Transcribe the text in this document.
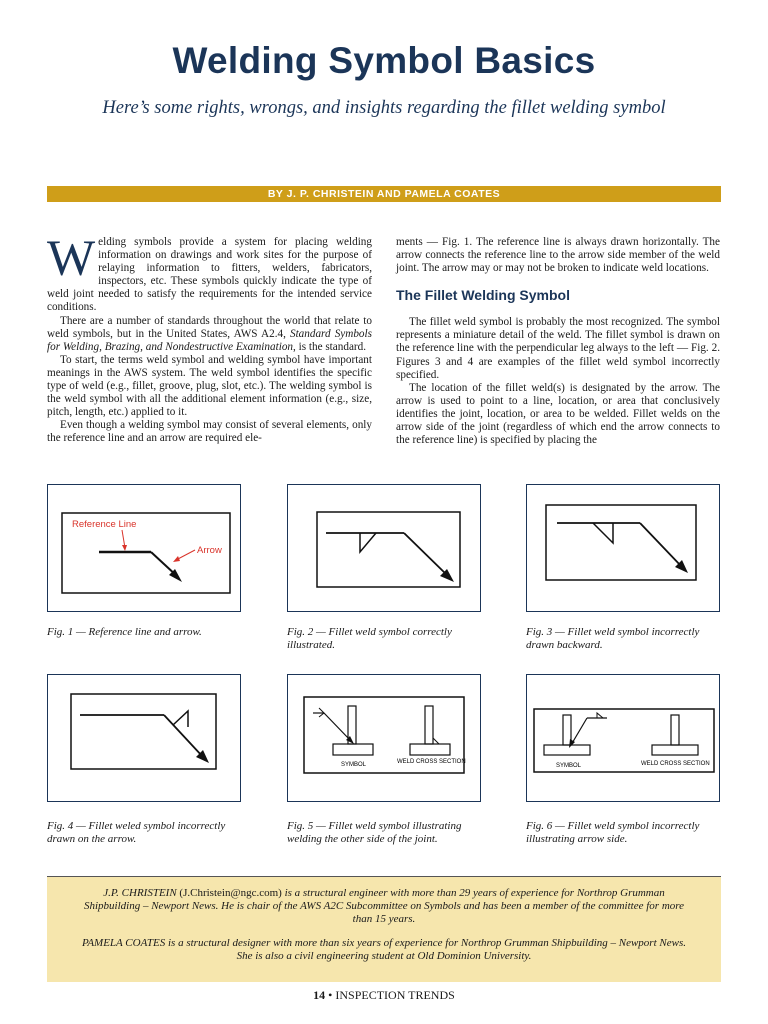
Welding Symbol Basics
Here’s some rights, wrongs, and insights regarding the fillet welding symbol
BY J. P. CHRISTEIN AND PAMELA COATES

Welding symbols provide a system for placing welding information on drawings and work sites for the purpose of relaying information to fitters, welders, fabricators, inspectors, etc. These symbols quickly indicate the type of weld joint needed to satisfy the requirements for the intended service conditions.

There are a number of standards throughout the world that relate to weld symbols, but in the United States, AWS A2.4, Standard Symbols for Welding, Brazing, and Nondestructive Examination, is the standard.

To start, the terms weld symbol and welding symbol have important meanings in the AWS system. The weld symbol identifies the specific type of weld (e.g., fillet, groove, plug, slot, etc.). The welding symbol is the weld symbol with all the additional element information (e.g., size, pitch, length, etc.) applied to it.

Even though a welding symbol may consist of several elements, only the reference line and an arrow are required ele-

ments — Fig. 1. The reference line is always drawn horizontally. The arrow connects the reference line to the arrow side member of the weld joint. The arrow may or may not be broken to indicate weld locations.

The Fillet Welding Symbol

The fillet weld symbol is probably the most recognized. The symbol represents a miniature detail of the weld. The fillet symbol is drawn on the reference line with the perpendicular leg always to the left — Fig. 2. Figures 3 and 4 are examples of the fillet weld symbol incorrectly specified.

The location of the fillet weld(s) is designated by the arrow. The arrow is used to point to a line, location, or area that conclusively identifies the joint, location, or area to be welded. Fillet welds on the arrow side of the joint (regardless of which end the arrow connects to the reference line) is specified by placing the

Reference Line
Arrow
SYMBOL	WELD CROSS SECTION
SYMBOL	WELD CROSS SECTION
Fig. 1 — Reference line and arrow.	Fig. 2 — Fillet weld symbol correctly illustrated.
Fig. 3 — Fillet weld symbol incorrectly drawn backward.
Fig. 4 — Fillet weled symbol incorrectly drawn on the arrow.
Fig. 5 — Fillet weld symbol illustrating welding the other side of the joint.
Fig. 6 — Fillet weld symbol incorrectly illustrating arrow side.

J.P. CHRISTEIN (J.Christein@ngc.com) is a structural engineer with more than 29 years of experience for Northrop Grumman Shipbuilding – Newport News. He is chair of the AWS A2C Subcommittee on Symbols and has been a member of the committee for more than 15 years.

PAMELA COATES is a structural designer with more than six years of experience for Northrop Grumman Shipbuilding – Newport News. She is also a civil engineering student at Old Dominion University.

14 • INSPECTION TRENDS
